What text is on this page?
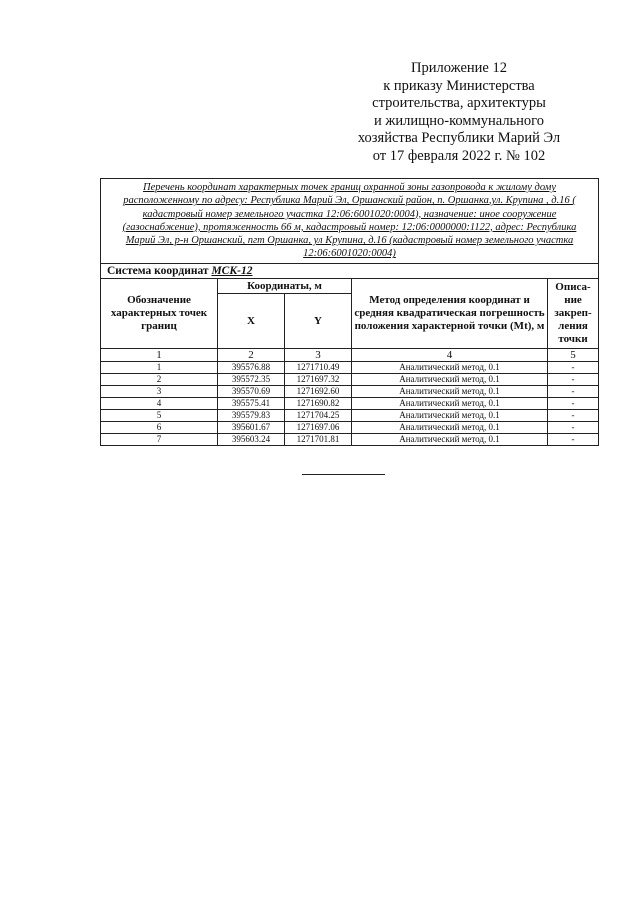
Приложение 12
к приказу Министерства
строительства, архитектуры
и жилищно-коммунального
хозяйства Республики Марий Эл
от 17 февраля 2022 г. № 102
Перечень координат характерных точек границ охранной зоны газопровода к жилому дому расположенному по адресу: Республика Марий Эл, Оршанский район, п. Оршанка,ул. Крупина , д.16 ( кадастровый номер земельного участка 12:06:6001020:0004), назначение: иное сооружение (газоснабжение), протяженность 66 м, кадастровый номер: 12:06:0000000:1122, адрес: Республика Марий Эл, р-н Оршанский, пгт Оршанка, ул Крупина, д.16 (кадастровый номер земельного участка 12:06:6001020:0004)				
Система координат МСК-12				
Обозначение характерных точек границ	Координаты, м		Метод определения координат и средняя квадратическая погрешность положения характерной точки (Mt), м	Описа-ние закреп-ления точки
	X	Y		
1	2	3	4	5
1	395576.88	1271710.49	Аналитический метод, 0.1	-
2	395572.35	1271697.32	Аналитический метод, 0.1	-
3	395570.69	1271692.60	Аналитический метод, 0.1	-
4	395575.41	1271690.82	Аналитический метод, 0.1	-
5	395579.83	1271704.25	Аналитический метод, 0.1	-
6	395601.67	1271697.06	Аналитический метод, 0.1	-
7	395603.24	1271701.81	Аналитический метод, 0.1	-
